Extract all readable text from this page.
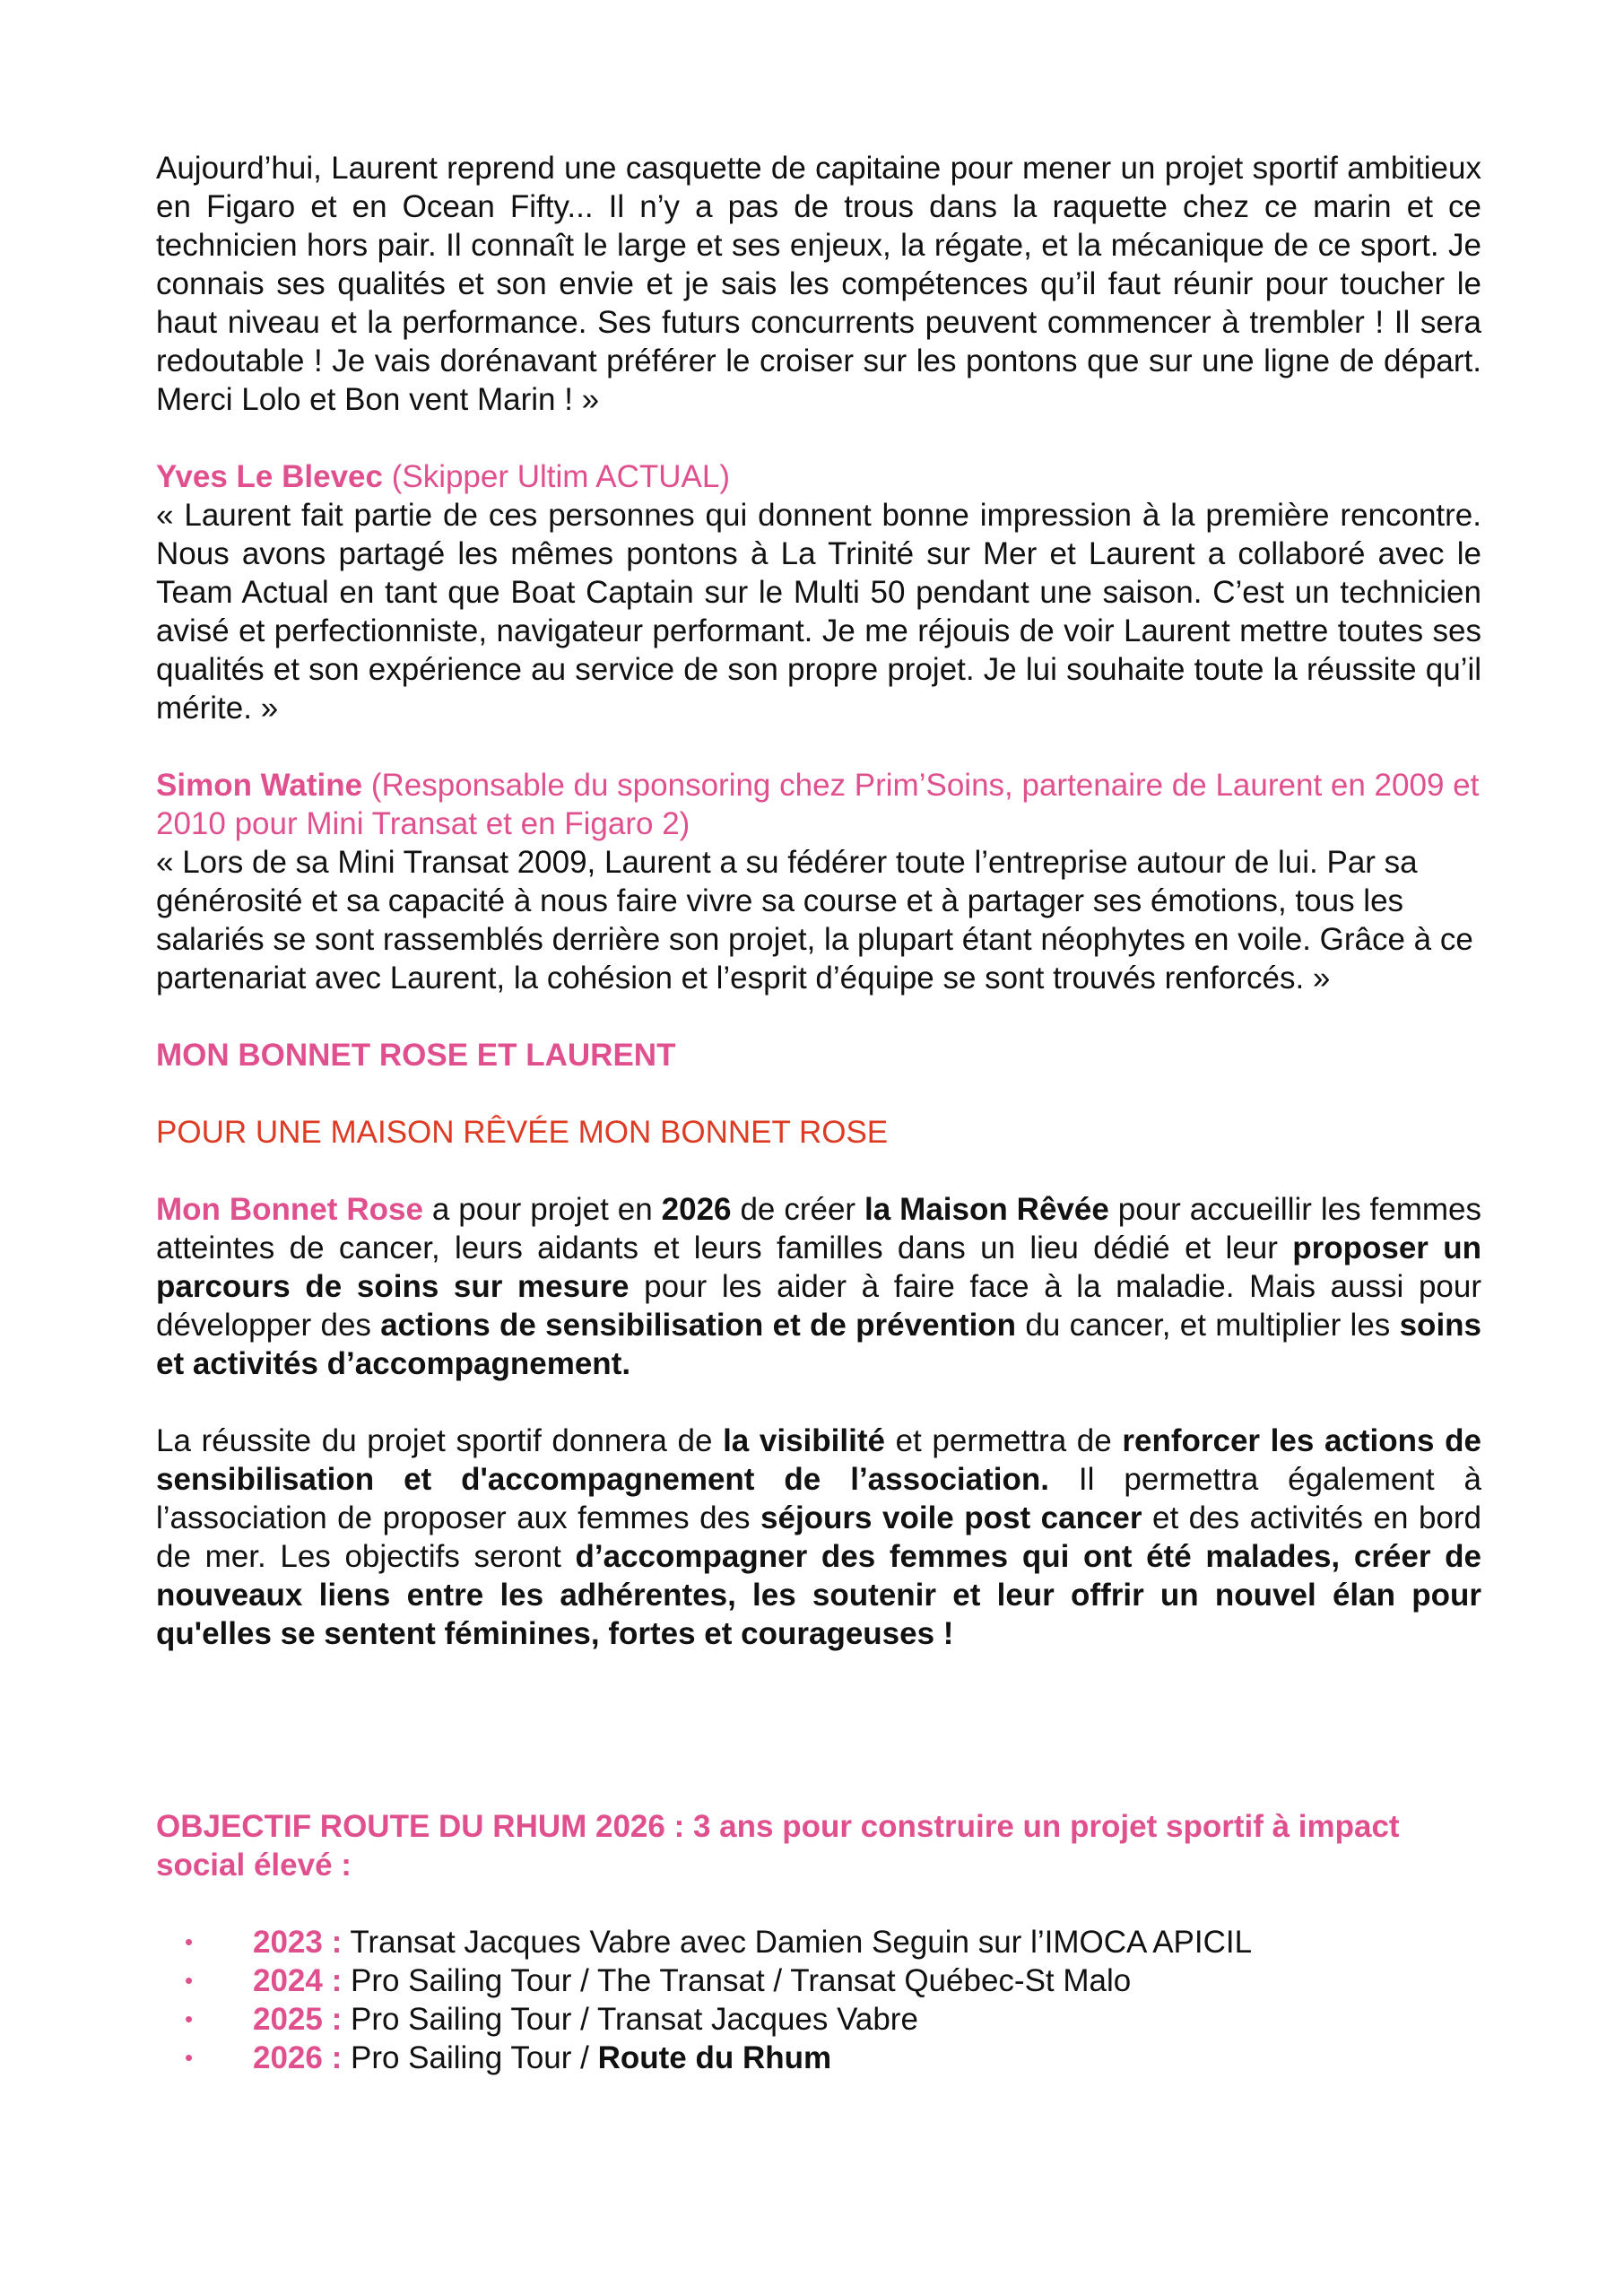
Aujourd’hui, Laurent reprend une casquette de capitaine pour mener un projet sportif ambitieux en Figaro et en Ocean Fifty... Il n’y a pas de trous dans la raquette chez ce marin et ce technicien hors pair. Il connaît le large et ses enjeux, la régate, et la mécanique de ce sport. Je connais ses qualités et son envie et je sais les compétences qu’il faut réunir pour toucher le haut niveau et la performance. Ses futurs concurrents peuvent commencer à trembler ! Il sera redoutable ! Je vais dorénavant préférer le croiser sur les pontons que sur une ligne de départ. Merci Lolo et Bon vent Marin ! »

Yves Le Blevec (Skipper Ultim ACTUAL)

« Laurent fait partie de ces personnes qui donnent bonne impression à la première rencontre. Nous avons partagé les mêmes pontons à La Trinité sur Mer et Laurent a collaboré avec le Team Actual en tant que Boat Captain sur le Multi 50 pendant une saison. C’est un technicien avisé et perfectionniste, navigateur performant. Je me réjouis de voir Laurent mettre toutes ses qualités et son expérience au service de son propre projet. Je lui souhaite toute la réussite qu’il mérite. »

Simon Watine (Responsable du sponsoring chez Prim’Soins, partenaire de Laurent en 2009 et 2010 pour Mini Transat et en Figaro 2)

« Lors de sa Mini Transat 2009, Laurent a su fédérer toute l’entreprise autour de lui. Par sa générosité et sa capacité à nous faire vivre sa course et à partager ses émotions, tous les salariés se sont rassemblés derrière son projet, la plupart étant néophytes en voile. Grâce à ce partenariat avec Laurent, la cohésion et l’esprit d’équipe se sont trouvés renforcés. »

MON BONNET ROSE ET LAURENT

POUR UNE MAISON RÊVÉE MON BONNET ROSE

Mon Bonnet Rose a pour projet en 2026 de créer la Maison Rêvée pour accueillir les femmes atteintes de cancer, leurs aidants et leurs familles dans un lieu dédié et leur proposer un parcours de soins sur mesure pour les aider à faire face à la maladie. Mais aussi pour développer des actions de sensibilisation et de prévention du cancer, et multiplier les soins et activités d’accompagnement.

La réussite du projet sportif donnera de la visibilité et permettra de renforcer les actions de sensibilisation et d'accompagnement de l’association. Il permettra également à l’association de proposer aux femmes des séjours voile post cancer et des activités en bord de mer. Les objectifs seront d’accompagner des femmes qui ont été malades, créer de nouveaux liens entre les adhérentes, les soutenir et leur offrir un nouvel élan pour qu'elles se sentent féminines, fortes et courageuses !

OBJECTIF ROUTE DU RHUM 2026 : 3 ans pour construire un projet sportif à impact social élevé :

• 2023 : Transat Jacques Vabre avec Damien Seguin sur l’IMOCA APICIL
• 2024 : Pro Sailing Tour / The Transat / Transat Québec-St Malo
• 2025 : Pro Sailing Tour / Transat Jacques Vabre
• 2026 : Pro Sailing Tour / Route du Rhum
